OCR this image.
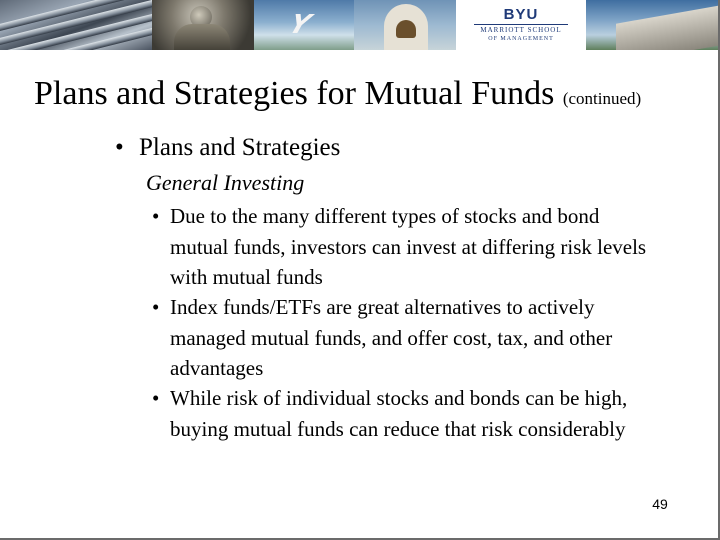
Y	BYU
MARRIOTT SCHOOL
OF MANAGEMENT
Plans and Strategies for Mutual Funds (continued)
• Plans and Strategies
General Investing
• Due to the many different types of stocks and bond mutual funds, investors can invest at differing risk levels with mutual funds
• Index funds/ETFs are great alternatives to actively managed mutual funds, and offer cost, tax, and other advantages
• While risk of individual stocks and bonds can be high, buying mutual funds can reduce that risk considerably
49
